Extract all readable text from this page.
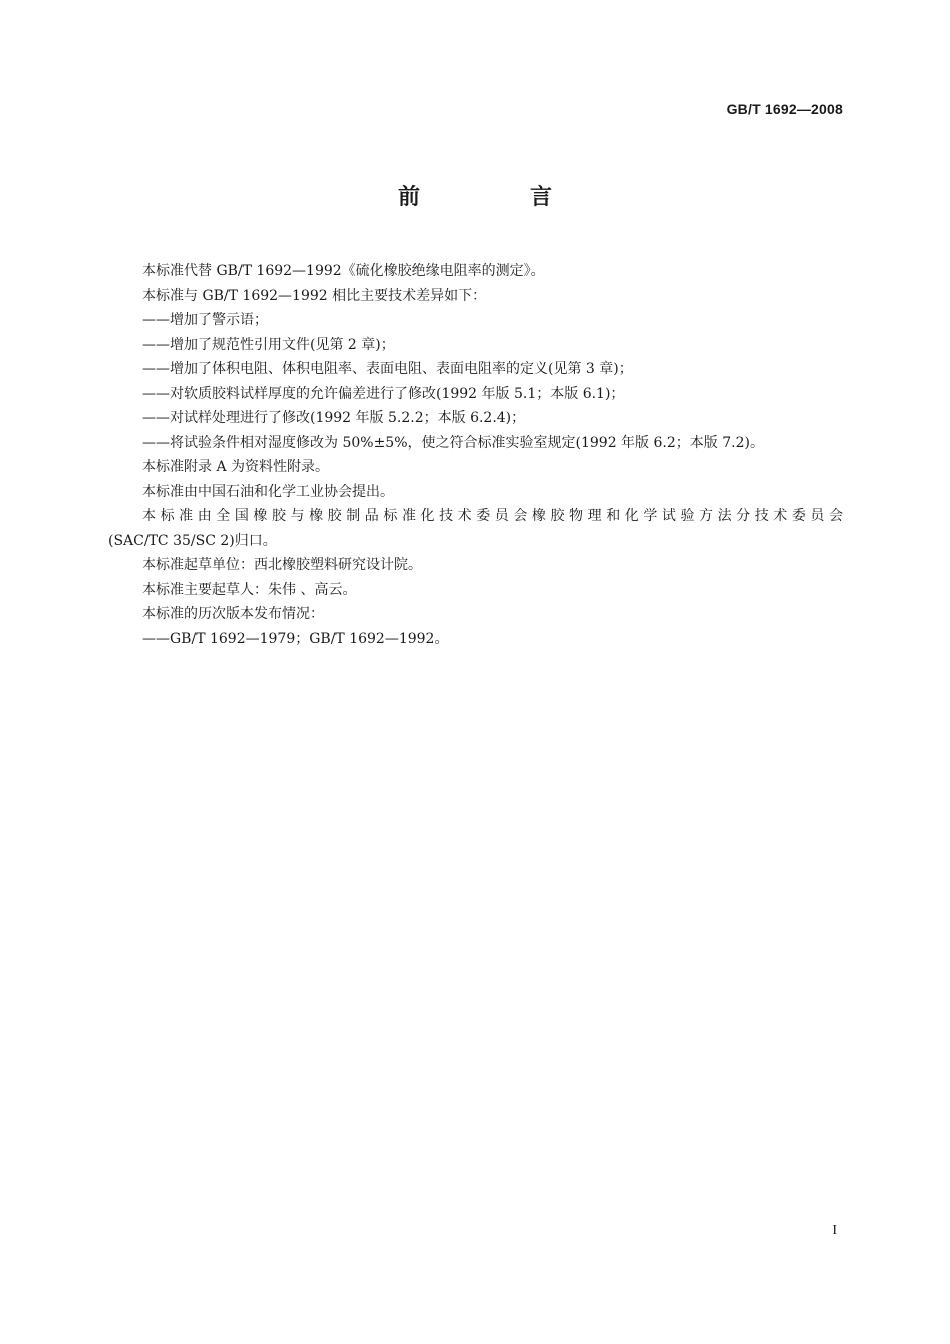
GB/T 1692—2008
前　言

本标准代替 GB/T 1692—1992《硫化橡胶绝缘电阻率的测定》。

本标准与 GB/T 1692—1992 相比主要技术差异如下：

——增加了警示语；

——增加了规范性引用文件(见第 2 章)；

——增加了体积电阻、体积电阻率、表面电阻、表面电阻率的定义(见第 3 章)；

——对软质胶料试样厚度的允许偏差进行了修改(1992 年版 5.1；本版 6.1)；

——对试样处理进行了修改(1992 年版 5.2.2；本版 6.2.4)；

——将试验条件相对湿度修改为 50%±5%，使之符合标准实验室规定(1992 年版 6.2；本版 7.2)。

本标准附录 A 为资料性附录。

本标准由中国石油和化学工业协会提出。

本标准由全国橡胶与橡胶制品标准化技术委员会橡胶物理和化学试验方法分技术委员会

(SAC/TC 35/SC 2)归口。

本标准起草单位：西北橡胶塑料研究设计院。

本标准主要起草人：朱伟 、高云。

本标准的历次版本发布情况：

——GB/T 1692—1979；GB/T 1692—1992。

I
